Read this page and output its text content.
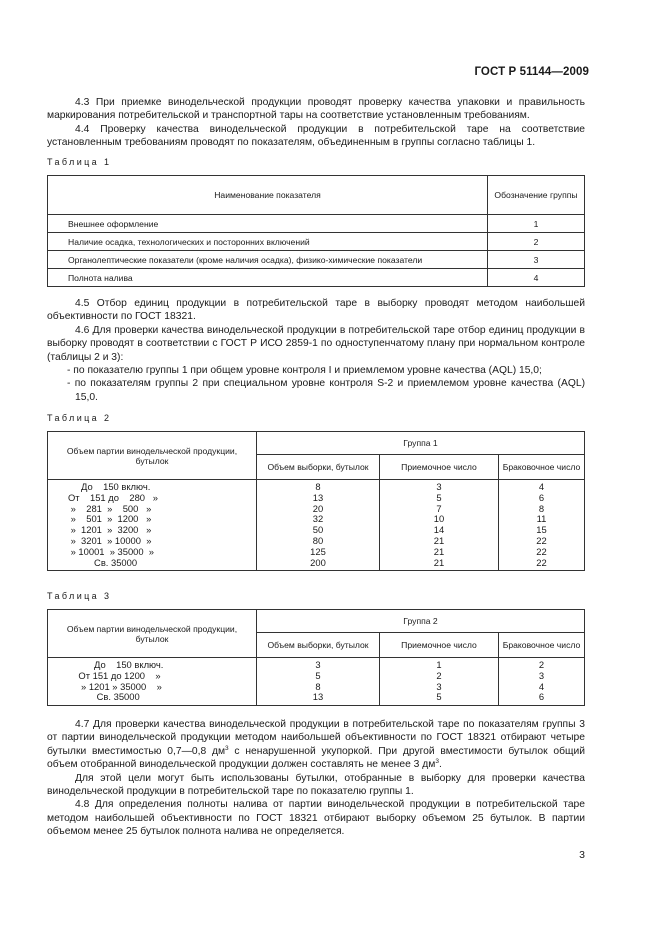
ГОСТ Р 51144—2009

4.3 При приемке винодельческой продукции проводят проверку качества упаковки и правильность маркирования потребительской и транспортной тары на соответствие установленным требованиям.

4.4 Проверку качества винодельческой продукции в потребительской таре на соответствие установленным требованиям проводят по показателям, объединенным в группы согласно таблицы 1.

Таблица 1
Наименование показателя	Обозначение группы
Внешнее оформление	1
Наличие осадка, технологических и посторонних включений	2
Органолептические показатели (кроме наличия осадка), физико-химические показатели	3
Полнота налива	4

4.5 Отбор единиц продукции в потребительской таре в выборку проводят методом наибольшей объективности по ГОСТ 18321.

4.6 Для проверки качества винодельческой продукции в потребительской таре отбор единиц продукции в выборку проводят в соответствии с ГОСТ Р ИСО 2859-1 по одноступенчатому плану при нормальном контроле (таблицы 2 и 3):

- по показателю группы 1 при общем уровне контроля I и приемлемом уровне качества (AQL) 15,0;

- по показателям группы 2 при специальном уровне контроля S-2 и приемлемом уровне качества (AQL) 15,0.

Таблица 2
Объем партии винодельческой продукции, бутылок	Группа 1		
	Объем выборки, бутылок	Приемочное число	Браковочное число
До    150 включ.	8	3	4
От    151 до    280   »	13	5	6
»    281  »    500   »	20	7	8
»    501  »  1200   »	32	10	11
»  1201  »  3200   »	50	14	15
»  3201  » 10000  »	80	21	22
» 10001  » 35000  »	125	21	22
Св. 35000	200	21	22
Таблица 3
Объем партии винодельческой продукции, бутылок	Группа 2		
	Объем выборки, бутылок	Приемочное число	Браковочное число
До    150 включ.	3	1	2
От 151 до 1200    »	5	2	3
» 1201 » 35000    »	8	3	4
Св. 35000	13	5	6

4.7 Для проверки качества винодельческой продукции в потребительской таре по показателям группы 3 от партии винодельческой продукции методом наибольшей объективности по ГОСТ 18321 отбирают четыре бутылки вместимостью 0,7—0,8 $дм^3$ с ненарушенной укупоркой. При другой вместимости бутылок общий объем отобранной винодельческой продукции должен составлять не менее 3 $дм^3$.

Для этой цели могут быть использованы бутылки, отобранные в выборку для проверки качества винодельческой продукции в потребительской таре по показателю группы 1.

4.8 Для определения полноты налива от партии винодельческой продукции в потребительской таре методом наибольшей объективности по ГОСТ 18321 отбирают выборку объемом 25 бутылок. В партии объемом менее 25 бутылок полнота налива не определяется.

3
